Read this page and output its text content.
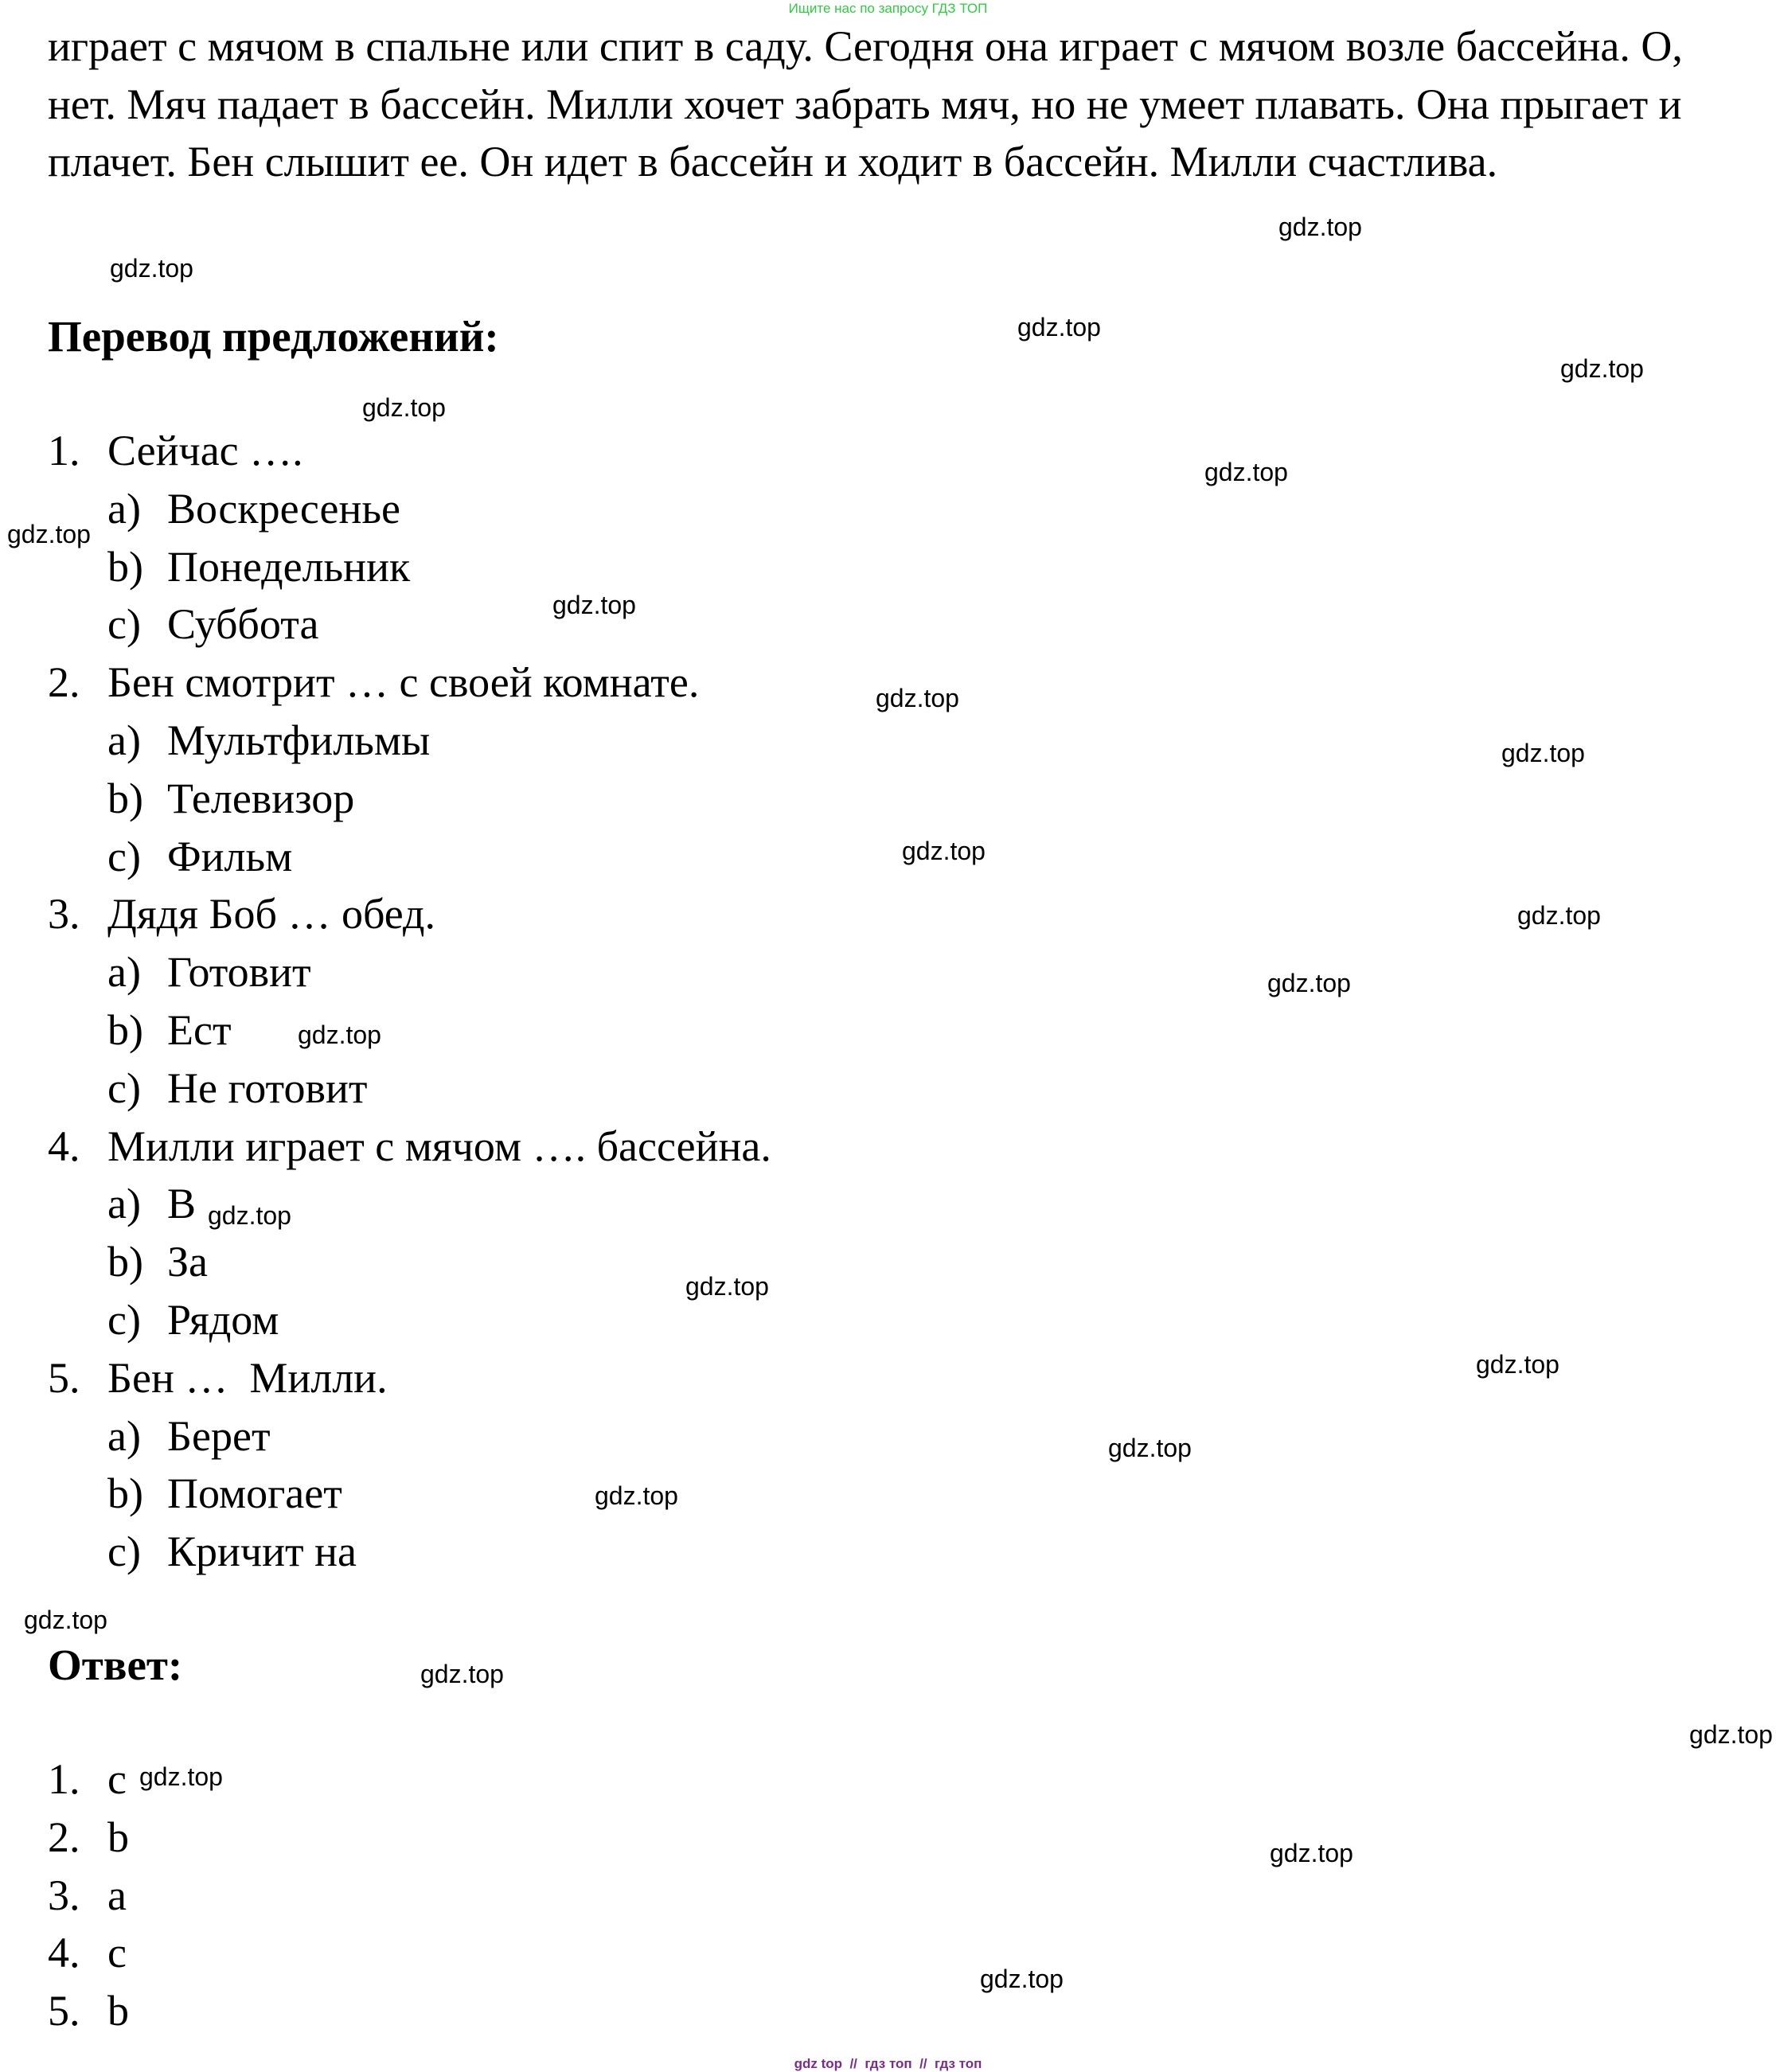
Ищите нас по запросу ГДЗ ТОП
играет с мячом в спальне или спит в саду. Сегодня она играет с мячом возле бассейна. О, нет. Мяч падает в бассейн. Милли хочет забрать мяч, но не умеет плавать. Она прыгает и плачет. Бен слышит ее. Он идет в бассейн и ходит в бассейн. Милли счастлива.
Перевод предложений:
1. Сейчас ….
a) Воскресенье
b) Понедельник
c) Суббота
2. Бен смотрит … с своей комнате.
a) Мультфильмы
b) Телевизор
c) Фильм
3. Дядя Боб … обед.
a) Готовит
b) Ест
c) Не готовит
4. Милли играет с мячом …. бассейна.
a) В
b) За
c) Рядом
5. Бен …  Милли.
a) Берет
b) Помогает
c) Кричит на
Ответ:
1. c
2. b
3. a
4. c
5. b
gdz.top
gdz.top
gdz.top
gdz.top
gdz.top
gdz.top
gdz.top
gdz.top
gdz.top
gdz.top
gdz.top
gdz.top
gdz.top
gdz.top
gdz.top
gdz.top
gdz.top
gdz.top
gdz.top
gdz.top
gdz.top
gdz.top
gdz.top
gdz.top
gdz.top
gdz top  //  гдз топ  //  гдз топ
